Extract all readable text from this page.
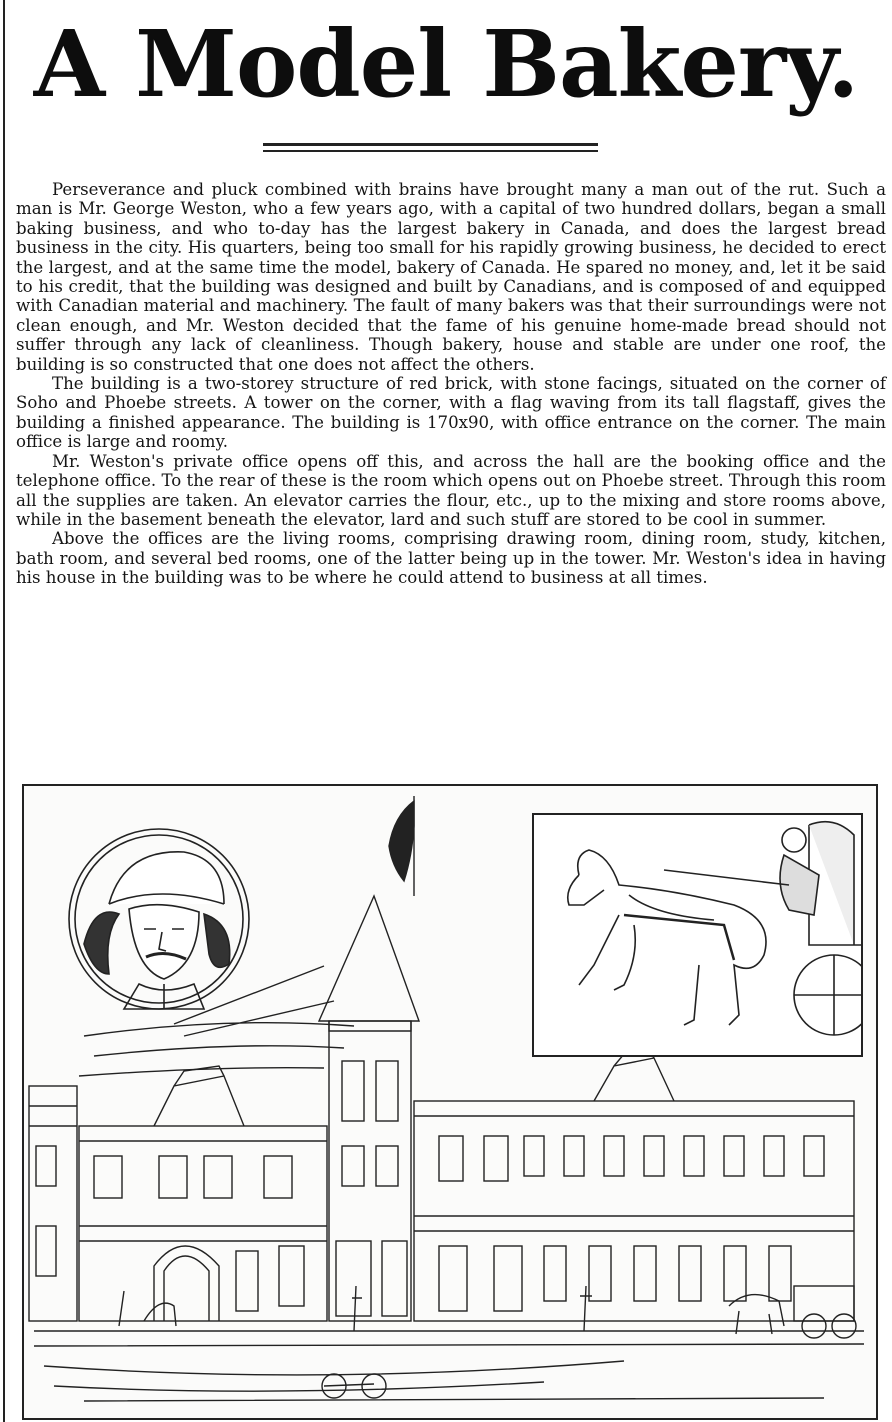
A Model Bakery.

Perseverance and pluck combined with brains have brought many a man out of the rut. Such a man is Mr. George Weston, who a few years ago, with a capital of two hundred dollars, began a small baking business, and who to-day has the largest bakery in Canada, and does the largest bread business in the city. His quarters, being too small for his rapidly growing business, he decided to erect the largest, and at the same time the model, bakery of Canada. He spared no money, and, let it be said to his credit, that the building was designed and built by Canadians, and is composed of and equipped with Canadian material and machinery. The fault of many bakers was that their surroundings were not clean enough, and Mr. Weston decided that the fame of his genuine home-made bread should not suffer through any lack of cleanliness. Though bakery, house and stable are under one roof, the building is so constructed that one does not affect the others.

The building is a two-storey structure of red brick, with stone facings, situated on the corner of Soho and Phoebe streets. A tower on the corner, with a flag waving from its tall flagstaff, gives the building a finished appearance. The building is 170x90, with office entrance on the corner. The main office is large and roomy.

Mr. Weston's private office opens off this, and across the hall are the booking office and the telephone office. To the rear of these is the room which opens out on Phoebe street. Through this room all the supplies are taken. An elevator carries the flour, etc., up to the mixing and store rooms above, while in the basement beneath the elevator, lard and such stuff are stored to be cool in summer.

Above the offices are the living rooms, comprising drawing room, dining room, study, kitchen, bath room, and several bed rooms, one of the latter being up in the tower. Mr. Weston's idea in having his house in the building was to be where he could attend to business at all times.
